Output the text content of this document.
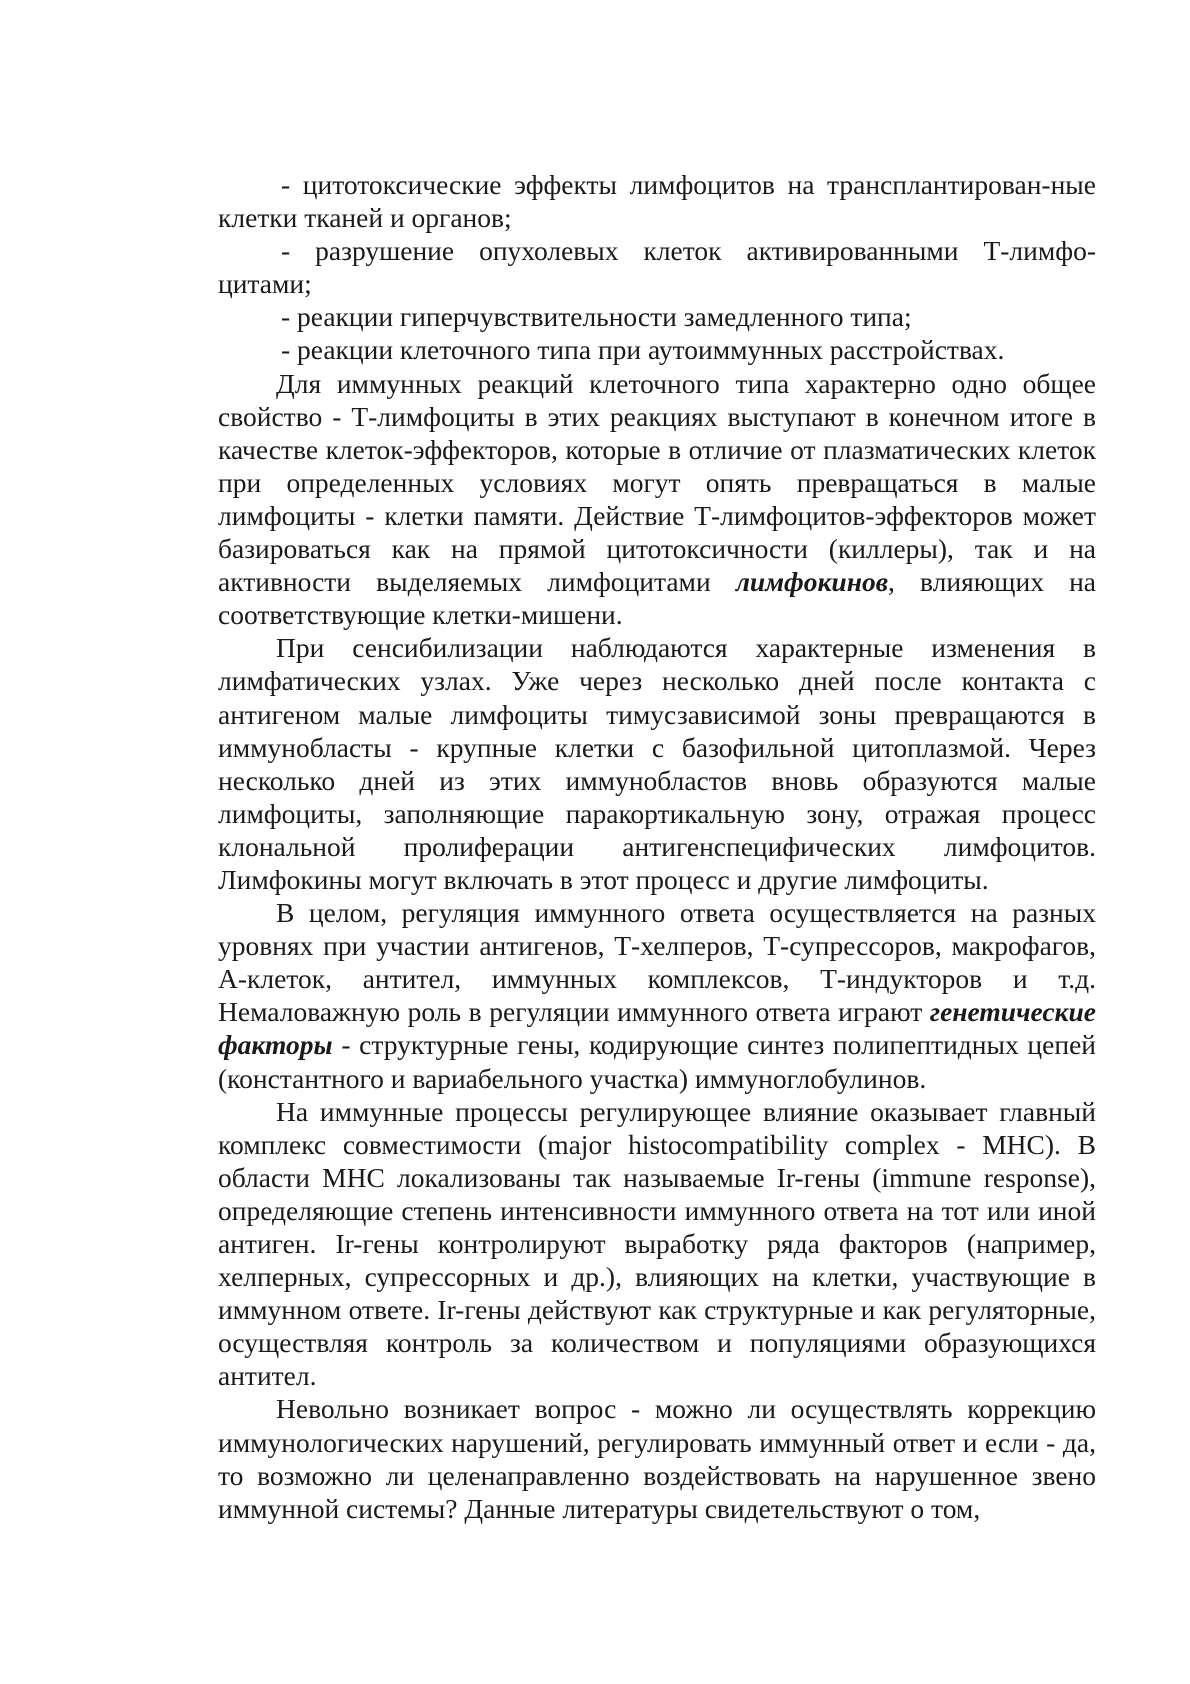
- цитотоксические эффекты лимфоцитов на трансплантирован-ные клетки тканей и органов;

- разрушение опухолевых клеток активированными Т-лимфо-цитами;

- реакции гиперчувствительности замедленного типа;

- реакции клеточного типа при аутоиммунных расстройствах.

Для иммунных реакций клеточного типа характерно одно общее свойство - Т-лимфоциты в этих реакциях выступают в конечном итоге в качестве клеток-эффекторов, которые в отличие от плазматических клеток при определенных условиях могут опять превращаться в малые лимфоциты - клетки памяти. Действие Т-лимфоцитов-эффекторов может базироваться как на прямой цитотоксичности (киллеры), так и на активности выделяемых лимфоцитами лимфокинов, влияющих на соответствующие клетки-мишени.

При сенсибилизации наблюдаются характерные изменения в лимфатических узлах. Уже через несколько дней после контакта с антигеном малые лимфоциты тимусзависимой зоны превращаются в иммунобласты - крупные клетки с базофильной цитоплазмой. Через несколько дней из этих иммунобластов вновь образуются малые лимфоциты, заполняющие паракортикальную зону, отражая процесс клональной пролиферации антигенспецифических лимфоцитов. Лимфокины могут включать в этот процесс и другие лимфоциты.

В целом, регуляция иммунного ответа осуществляется на разных уровнях при участии антигенов, Т-хелперов, Т-супрессоров, макрофагов, А-клеток, антител, иммунных комплексов, Т-индукторов и т.д. Немаловажную роль в регуляции иммунного ответа играют генетические факторы - структурные гены, кодирующие синтез полипептидных цепей (константного и вариабельного участка) иммуноглобулинов.

На иммунные процессы регулирующее влияние оказывает главный комплекс совместимости (major histocompatibility complex - МНС). В области МНС локализованы так называемые Ir-гены (immune response), определяющие степень интенсивности иммунного ответа на тот или иной антиген. Ir-гены контролируют выработку ряда факторов (например, хелперных, супрессорных и др.), влияющих на клетки, участвующие в иммунном ответе. Ir-гены действуют как структурные и как регуляторные, осуществляя контроль за количеством и популяциями образующихся антител.

Невольно возникает вопрос - можно ли осуществлять коррекцию иммунологических нарушений, регулировать иммунный ответ и если - да, то возможно ли целенаправленно воздействовать на нарушенное звено иммунной системы? Данные литературы свидетельствуют о том,
